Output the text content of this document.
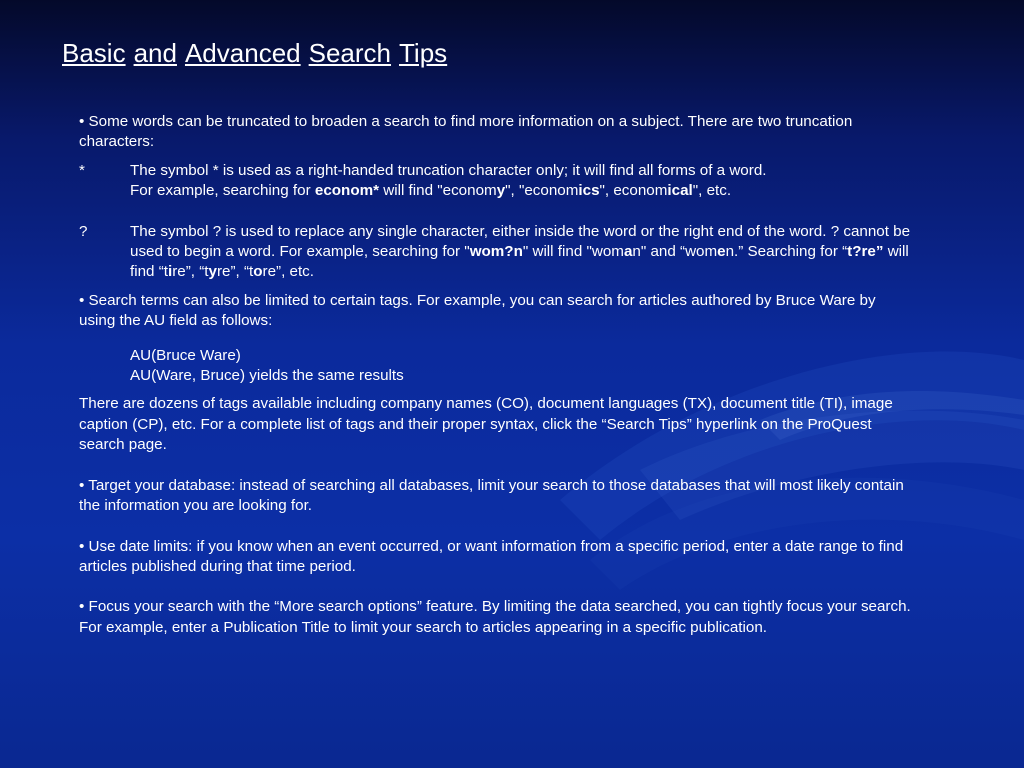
Basic and Advanced Search Tips

• Some words can be truncated to broaden a search to find more information on a subject. There are two truncation characters:

*	The symbol * is used as a right-handed truncation character only; it will find all forms of a word.

For example, searching for econom* will find "economy", "economics", economical", etc.

?	The symbol ? is used to replace any single character, either inside the word or the right end of the word. ? cannot be used to begin a word. For example, searching for "wom?n" will find "woman" and “women.” Searching for “t?re” will find “tire”, “tyre”, “tore”, etc.

• Search terms can also be limited to certain tags. For example, you can search for articles authored by Bruce Ware by using the AU field as follows:

AU(Bruce Ware)

AU(Ware, Bruce) yields the same results

There are dozens of tags available including company names (CO), document languages (TX), document title (TI), image caption (CP), etc. For a complete list of tags and their proper syntax, click the “Search Tips” hyperlink on the ProQuest search page.

• Target your database: instead of searching all databases, limit your search to those databases that will most likely contain the information you are looking for.

• Use date limits: if you know when an event occurred, or want information from a specific period, enter a date range to find articles published during that time period.

• Focus your search with the “More search options” feature. By limiting the data searched, you can tightly focus your search. For example, enter a Publication Title to limit your search to articles appearing in a specific publication.
